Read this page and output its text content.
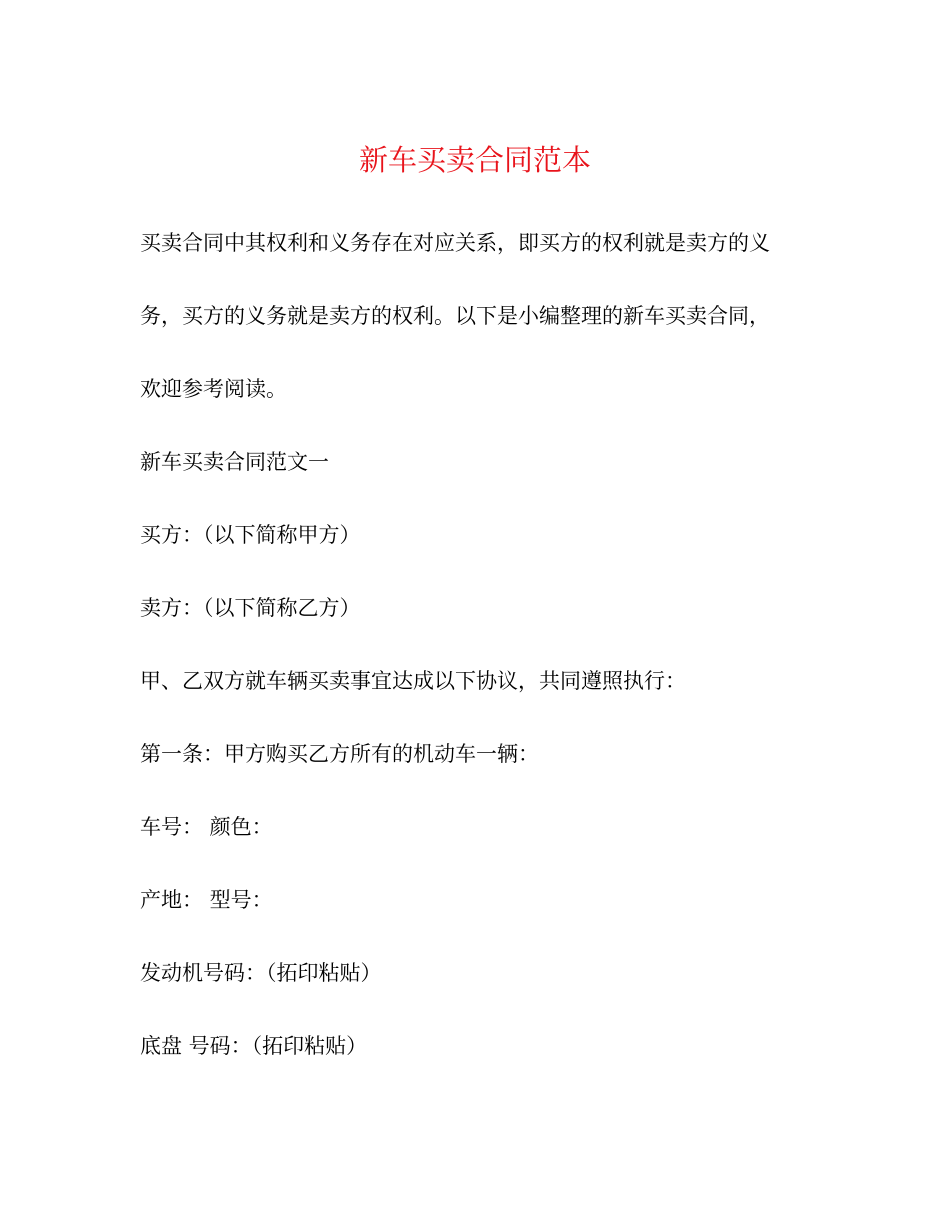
新车买卖合同范本
买卖合同中其权利和义务存在对应关系，即买方的权利就是卖方的义
务，买方的义务就是卖方的权利。以下是小编整理的新车买卖合同，
欢迎参考阅读。
新车买卖合同范文一
买方：（以下简称甲方）
卖方：（以下简称乙方）
甲、乙双方就车辆买卖事宜达成以下协议，共同遵照执行：
第一条：甲方购买乙方所有的机动车一辆：
车号： 颜色：
产地： 型号：
发动机号码：（拓印粘贴）
底盘 号码：（拓印粘贴）
